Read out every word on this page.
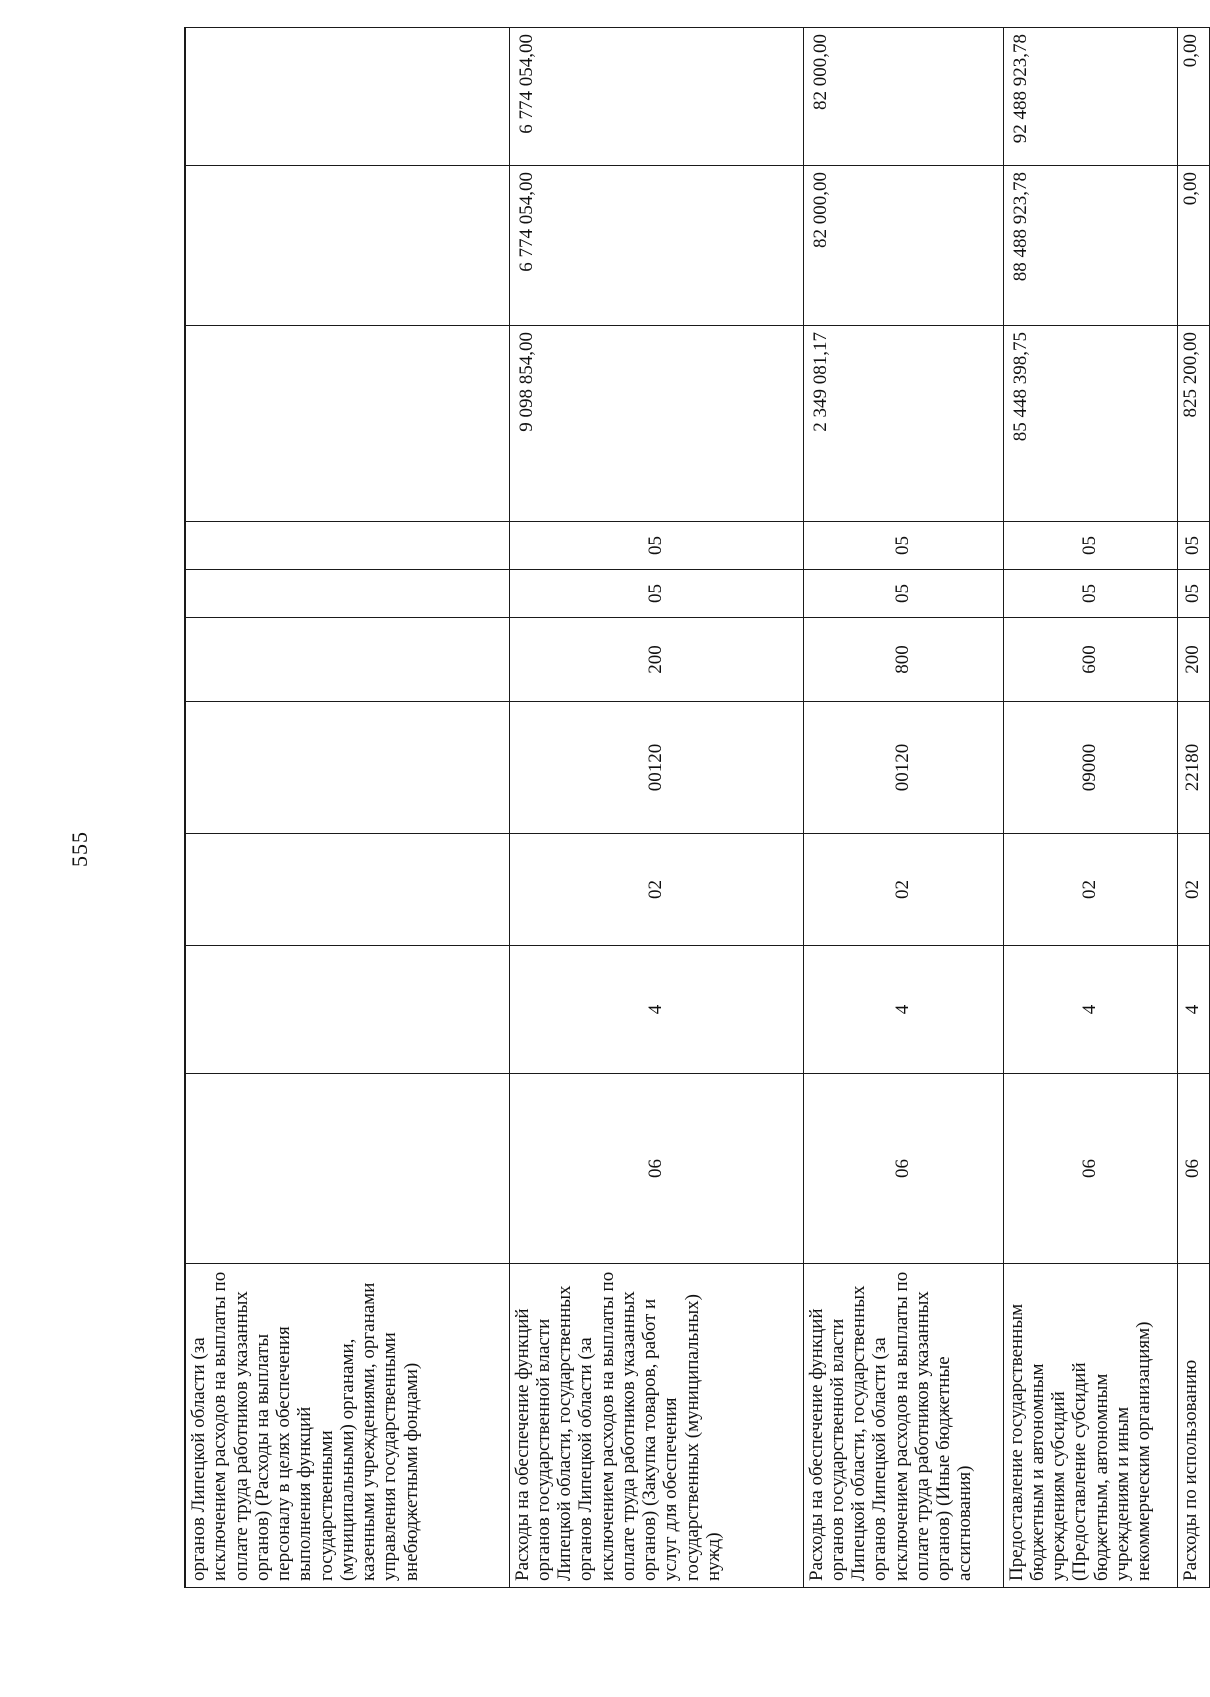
555
органов Липецкой области (за исключением расходов на выплаты по оплате труда работников указанных органов) (Расходы на выплаты персоналу в целях обеспечения выполнения функций государственными (муниципальными) органами, казенными учреждениями, органами управления государственными внебюджетными фондами)										
Расходы на обеспечение функций органов государственной власти Липецкой области, государственных органов Липецкой области (за исключением расходов на выплаты по оплате труда работников указанных органов) (Закупка товаров, работ и услуг для обеспечения государственных (муниципальных) нужд)	06	4	02	00120	200	05	05	9 098 854,00	6 774 054,00	6 774 054,00
Расходы на обеспечение функций органов государственной власти Липецкой области, государственных органов Липецкой области (за исключением расходов на выплаты по оплате труда работников указанных органов) (Иные бюджетные ассигнования)	06	4	02	00120	800	05	05	2 349 081,17	82 000,00	82 000,00
Предоставление государственным бюджетным и автономным учреждениям субсидий (Предоставление субсидий бюджетным, автономным учреждениям и иным некоммерческим организациям)	06	4	02	09000	600	05	05	85 448 398,75	88 488 923,78	92 488 923,78
Расходы по использованию	06	4	02	22180	200	05	05	825 200,00	0,00	0,00
